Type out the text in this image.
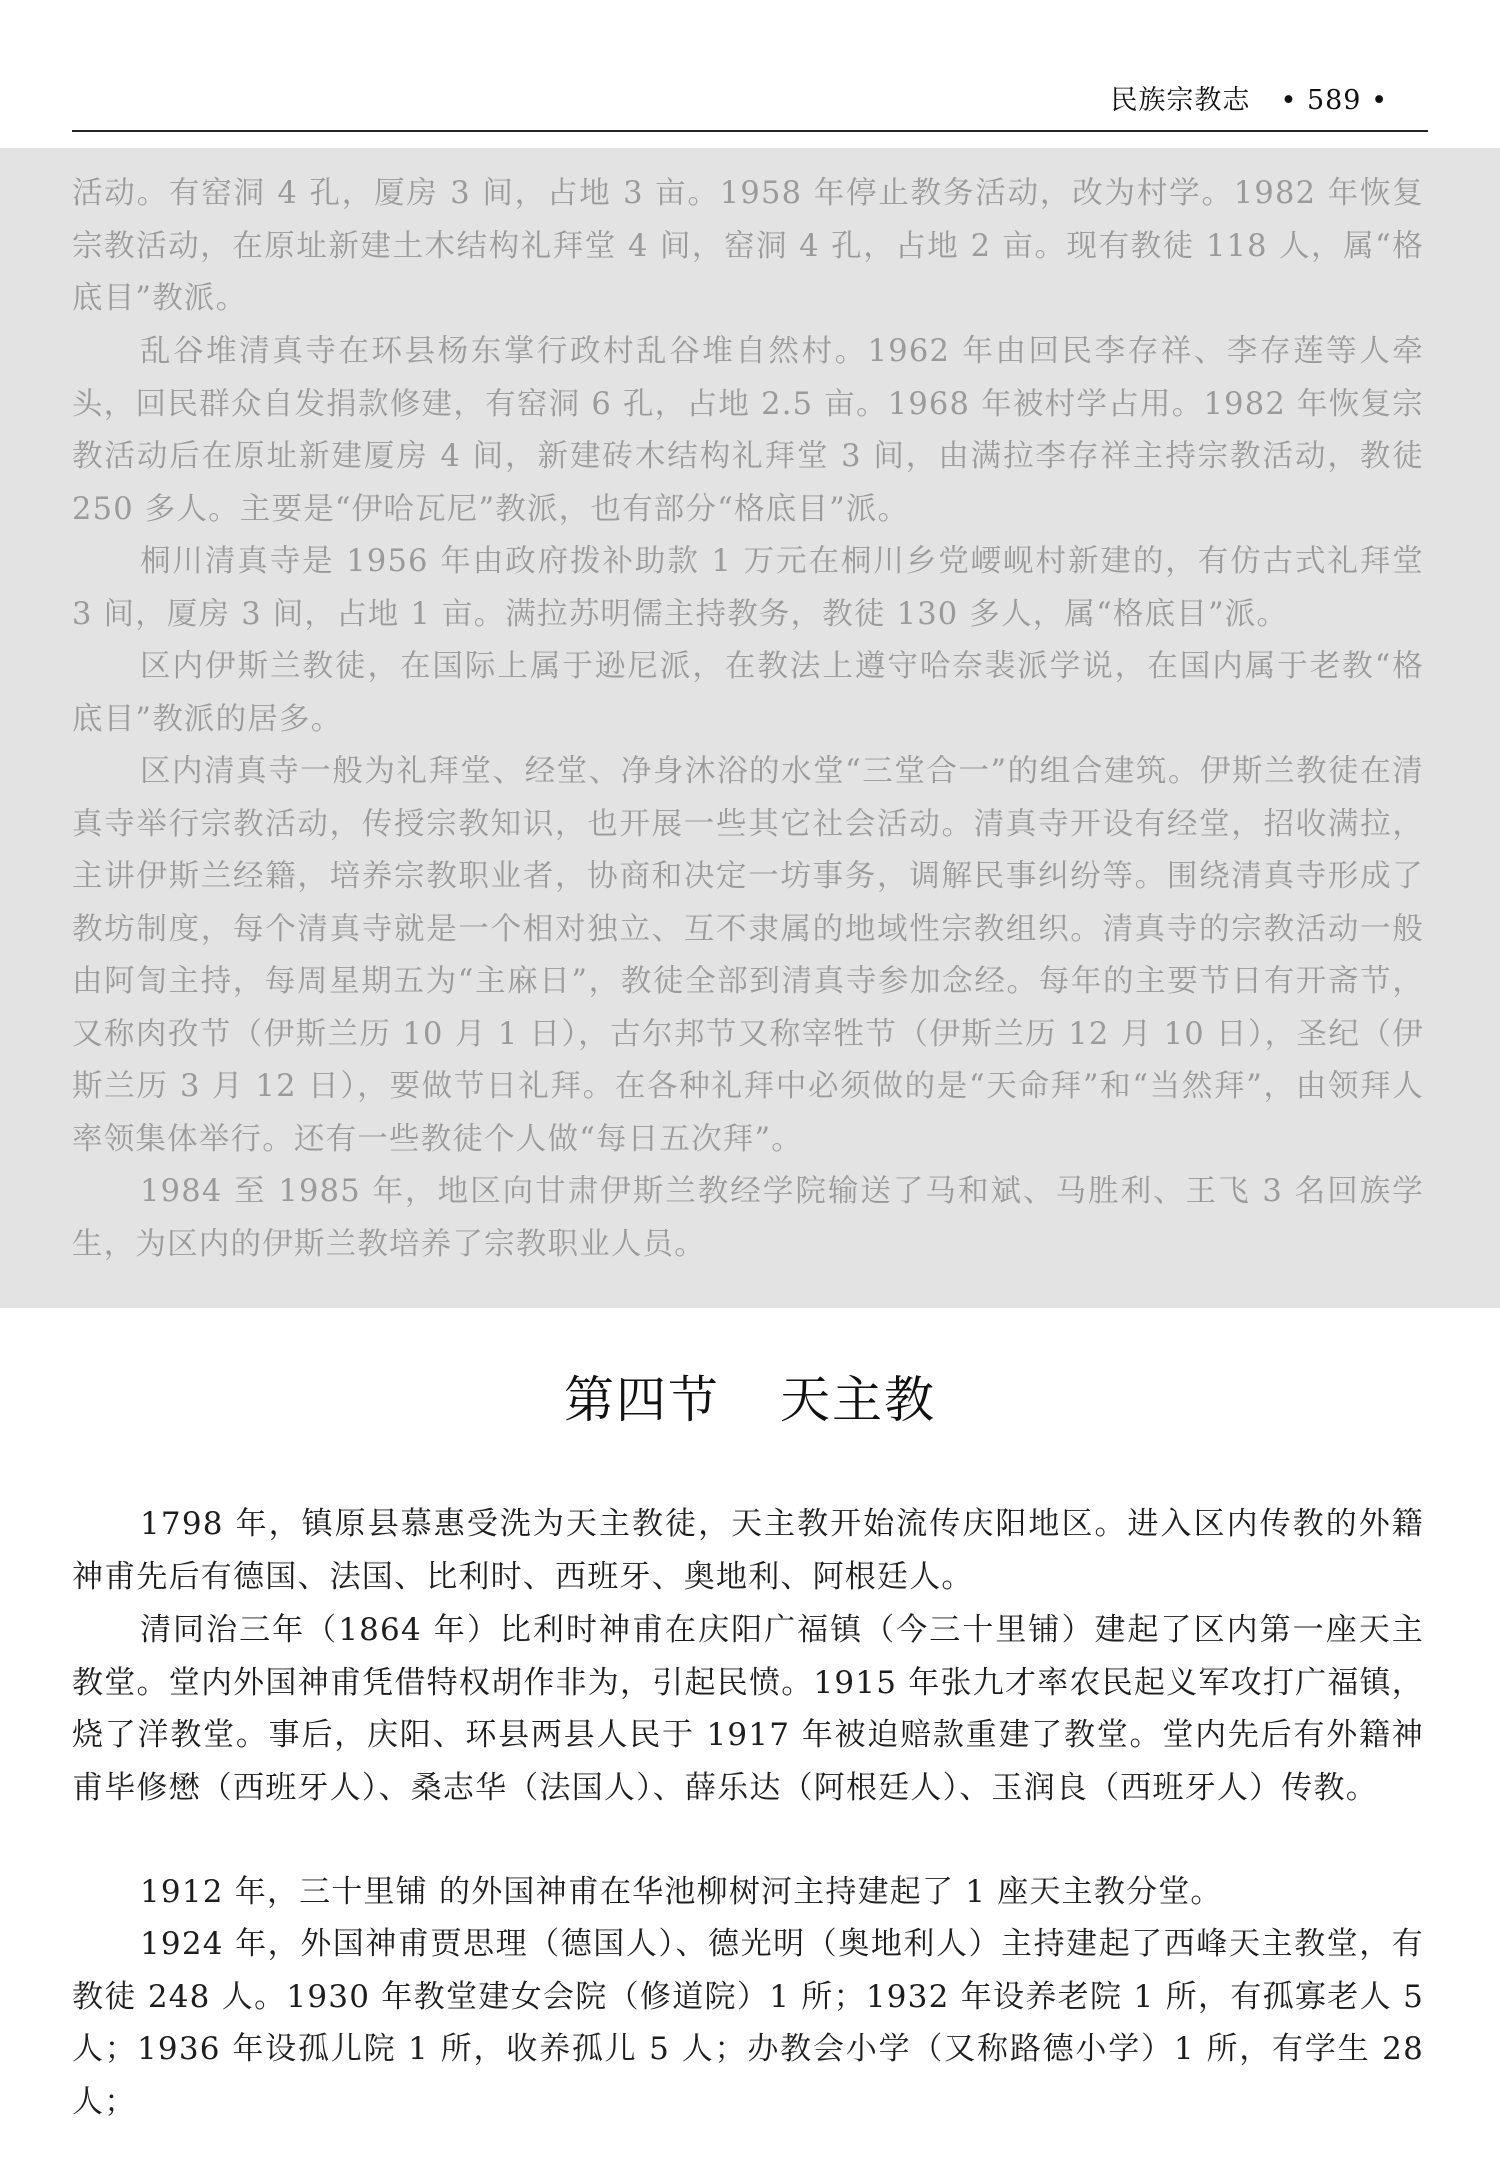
民族宗教志 • 589 •

活动。有窑洞 4 孔，厦房 3 间，占地 3 亩。1958 年停止教务活动，改为村学。1982 年恢复宗教活动，在原址新建土木结构礼拜堂 4 间，窑洞 4 孔，占地 2 亩。现有教徒 118 人，属“格底目”教派。

乱谷堆清真寺在环县杨东掌行政村乱谷堆自然村。1962 年由回民李存祥、李存莲等人牵头，回民群众自发捐款修建，有窑洞 6 孔，占地 2.5 亩。1968 年被村学占用。1982 年恢复宗教活动后在原址新建厦房 4 间，新建砖木结构礼拜堂 3 间，由满拉李存祥主持宗教活动，教徒 250 多人。主要是“伊哈瓦尼”教派，也有部分“格底目”派。

桐川清真寺是 1956 年由政府拨补助款 1 万元在桐川乡党崾岘村新建的，有仿古式礼拜堂 3 间，厦房 3 间，占地 1 亩。满拉苏明儒主持教务，教徒 130 多人，属“格底目”派。

区内伊斯兰教徒，在国际上属于逊尼派，在教法上遵守哈奈裴派学说，在国内属于老教“格底目”教派的居多。

区内清真寺一般为礼拜堂、经堂、净身沐浴的水堂“三堂合一”的组合建筑。伊斯兰教徒在清真寺举行宗教活动，传授宗教知识，也开展一些其它社会活动。清真寺开设有经堂，招收满拉，主讲伊斯兰经籍，培养宗教职业者，协商和决定一坊事务，调解民事纠纷等。围绕清真寺形成了教坊制度，每个清真寺就是一个相对独立、互不隶属的地域性宗教组织。清真寺的宗教活动一般由阿訇主持，每周星期五为“主麻日”，教徒全部到清真寺参加念经。每年的主要节日有开斋节，又称肉孜节（伊斯兰历 10 月 1 日），古尔邦节又称宰牲节（伊斯兰历 12 月 10 日），圣纪（伊斯兰历 3 月 12 日），要做节日礼拜。在各种礼拜中必须做的是“天命拜”和“当然拜”，由领拜人率领集体举行。还有一些教徒个人做“每日五次拜”。

1984 至 1985 年，地区向甘肃伊斯兰教经学院输送了马和斌、马胜利、王飞 3 名回族学生，为区内的伊斯兰教培养了宗教职业人员。

第四节 天主教

1798 年，镇原县慕惠受洗为天主教徒，天主教开始流传庆阳地区。进入区内传教的外籍神甫先后有德国、法国、比利时、西班牙、奥地利、阿根廷人。

清同治三年（1864 年）比利时神甫在庆阳广福镇（今三十里铺）建起了区内第一座天主教堂。堂内外国神甫凭借特权胡作非为，引起民愤。1915 年张九才率农民起义军攻打广福镇，烧了洋教堂。事后，庆阳、环县两县人民于 1917 年被迫赔款重建了教堂。堂内先后有外籍神甫毕修懋（西班牙人）、桑志华（法国人）、薛乐达（阿根廷人）、玉润良（西班牙人）传教。

1912 年，三十里铺 的外国神甫在华池柳树河主持建起了 1 座天主教分堂。

1924 年，外国神甫贾思理（德国人）、德光明（奥地利人）主持建起了西峰天主教堂，有教徒 248 人。1930 年教堂建女会院（修道院）1 所；1932 年设养老院 1 所，有孤寡老人 5 人；1936 年设孤儿院 1 所，收养孤儿 5 人；办教会小学（又称路德小学）1 所，有学生 28 人；
